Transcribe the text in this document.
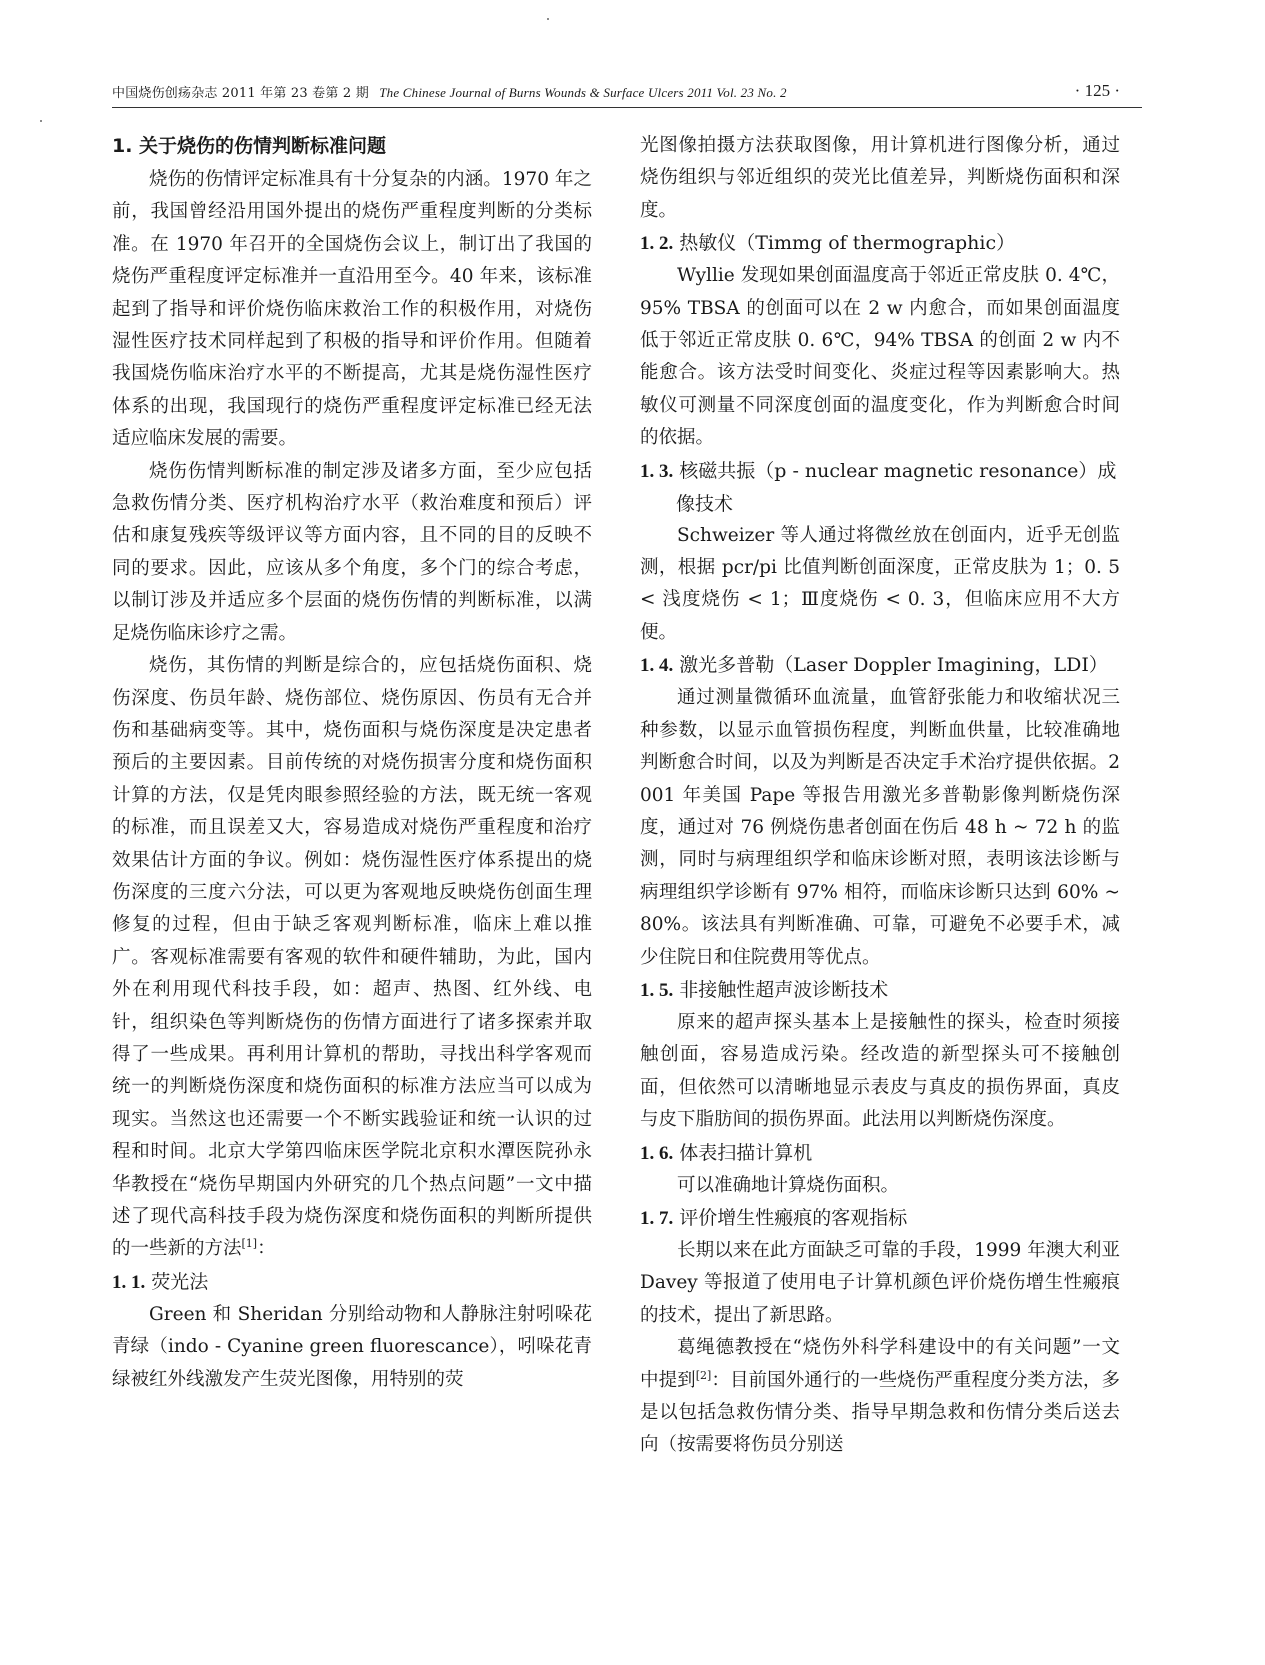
中国烧伤创疡杂志 2011 年第 23 卷第 2 期 The Chinese Journal of Burns Wounds & Surface Ulcers 2011 Vol. 23 No. 2	· 125 ·
1. 关于烧伤的伤情判断标准问题

烧伤的伤情评定标准具有十分复杂的内涵。1970 年之前，我国曾经沿用国外提出的烧伤严重程度判断的分类标准。在 1970 年召开的全国烧伤会议上，制订出了我国的烧伤严重程度评定标准并一直沿用至今。40 年来，该标准起到了指导和评价烧伤临床救治工作的积极作用，对烧伤湿性医疗技术同样起到了积极的指导和评价作用。但随着我国烧伤临床治疗水平的不断提高，尤其是烧伤湿性医疗体系的出现，我国现行的烧伤严重程度评定标准已经无法适应临床发展的需要。

烧伤伤情判断标准的制定涉及诸多方面，至少应包括急救伤情分类、医疗机构治疗水平（救治难度和预后）评估和康复残疾等级评议等方面内容，且不同的目的反映不同的要求。因此，应该从多个角度，多个门的综合考虑，以制订涉及并适应多个层面的烧伤伤情的判断标准，以满足烧伤临床诊疗之需。

烧伤，其伤情的判断是综合的，应包括烧伤面积、烧伤深度、伤员年龄、烧伤部位、烧伤原因、伤员有无合并伤和基础病变等。其中，烧伤面积与烧伤深度是决定患者预后的主要因素。目前传统的对烧伤损害分度和烧伤面积计算的方法，仅是凭肉眼参照经验的方法，既无统一客观的标准，而且误差又大，容易造成对烧伤严重程度和治疗效果估计方面的争议。例如：烧伤湿性医疗体系提出的烧伤深度的三度六分法，可以更为客观地反映烧伤创面生理修复的过程，但由于缺乏客观判断标准，临床上难以推广。客观标准需要有客观的软件和硬件辅助，为此，国内外在利用现代科技手段，如：超声、热图、红外线、电针，组织染色等判断烧伤的伤情方面进行了诸多探索并取得了一些成果。再利用计算机的帮助，寻找出科学客观而统一的判断烧伤深度和烧伤面积的标准方法应当可以成为现实。当然这也还需要一个不断实践验证和统一认识的过程和时间。北京大学第四临床医学院北京积水潭医院孙永华教授在“烧伤早期国内外研究的几个热点问题”一文中描述了现代高科技手段为烧伤深度和烧伤面积的判断所提供的一些新的方法[1]：

1. 1. 荧光法

Green 和 Sheridan 分别给动物和人静脉注射吲哚花青绿（indo - Cyanine green fluorescance），吲哚花青绿被红外线激发产生荧光图像，用特别的荧

光图像拍摄方法获取图像，用计算机进行图像分析，通过烧伤组织与邻近组织的荧光比值差异，判断烧伤面积和深度。

1. 2. 热敏仪（Timmg of thermographic）

Wyllie 发现如果创面温度高于邻近正常皮肤 0. 4℃，95% TBSA 的创面可以在 2 w 内愈合，而如果创面温度低于邻近正常皮肤 0. 6℃，94% TBSA 的创面 2 w 内不能愈合。该方法受时间变化、炎症过程等因素影响大。热敏仪可测量不同深度创面的温度变化，作为判断愈合时间的依据。

1. 3. 核磁共振（p - nuclear magnetic resonance）成像技术

Schweizer 等人通过将微丝放在创面内，近乎无创监测，根据 pcr/pi 比值判断创面深度，正常皮肤为 1；0. 5 < 浅度烧伤 < 1；Ⅲ度烧伤 < 0. 3，但临床应用不大方便。

1. 4. 激光多普勒（Laser Doppler Imagining，LDI）

通过测量微循环血流量，血管舒张能力和收缩状况三种参数，以显示血管损伤程度，判断血供量，比较准确地判断愈合时间，以及为判断是否决定手术治疗提供依据。2001 年美国 Pape 等报告用激光多普勒影像判断烧伤深度，通过对 76 例烧伤患者创面在伤后 48 h ~ 72 h 的监测，同时与病理组织学和临床诊断对照，表明该法诊断与病理组织学诊断有 97% 相符，而临床诊断只达到 60% ~ 80%。该法具有判断准确、可靠，可避免不必要手术，减少住院日和住院费用等优点。

1. 5. 非接触性超声波诊断技术

原来的超声探头基本上是接触性的探头，检查时须接触创面，容易造成污染。经改造的新型探头可不接触创面，但依然可以清晰地显示表皮与真皮的损伤界面，真皮与皮下脂肪间的损伤界面。此法用以判断烧伤深度。

1. 6. 体表扫描计算机

可以准确地计算烧伤面积。

1. 7. 评价增生性瘢痕的客观指标

长期以来在此方面缺乏可靠的手段，1999 年澳大利亚 Davey 等报道了使用电子计算机颜色评价烧伤增生性瘢痕的技术，提出了新思路。

葛绳德教授在“烧伤外科学科建设中的有关问题”一文中提到[2]：目前国外通行的一些烧伤严重程度分类方法，多是以包括急救伤情分类、指导早期急救和伤情分类后送去向（按需要将伤员分别送
